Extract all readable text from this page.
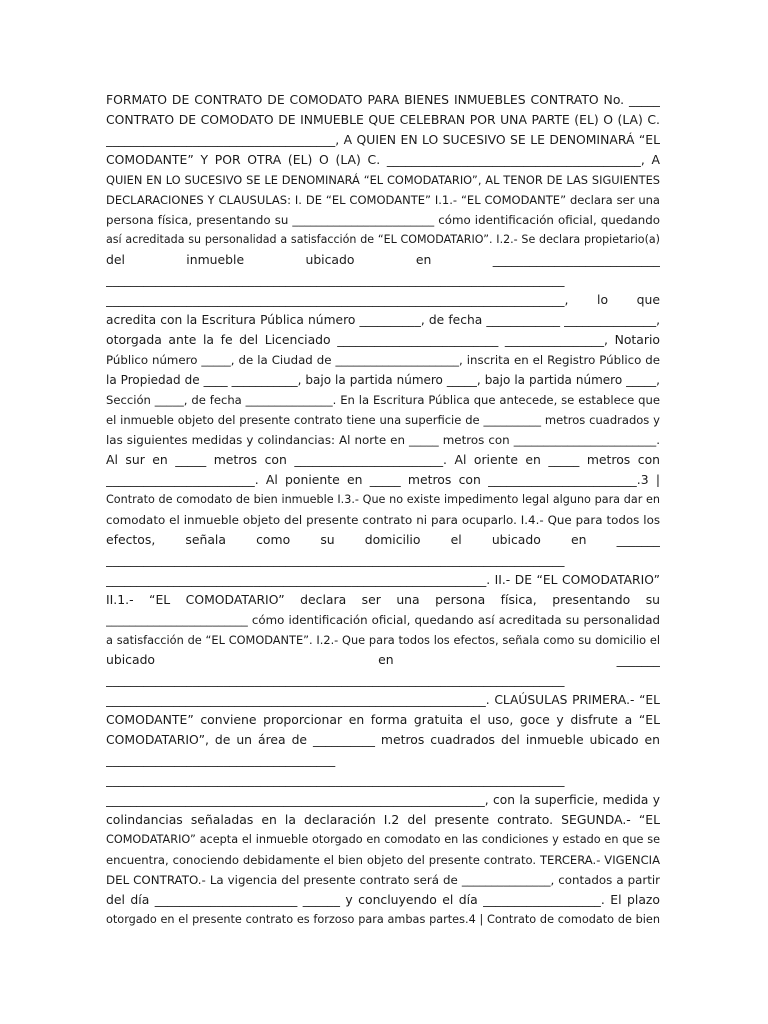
FORMATO DE CONTRATO DE COMODATO PARA BIENES INMUEBLES CONTRATO No. _____
CONTRATO DE COMODATO DE INMUEBLE QUE CELEBRAN POR UNA PARTE (EL) O (LA) C.
_____________________________________, A QUIEN EN LO SUCESIVO SE LE DENOMINARÁ “EL
COMODANTE” Y POR OTRA (EL) O (LA) C. _________________________________________, A
QUIEN EN LO SUCESIVO SE LE DENOMINARÁ “EL COMODATARIO”, AL TENOR DE LAS SIGUIENTES
DECLARACIONES Y CLAUSULAS: I. DE “EL COMODANTE” I.1.- “EL COMODANTE” declara ser una
persona física, presentando su ________________________ cómo identificación oficial, quedando
así acreditada su personalidad a satisfacción de “EL COMODATARIO”. I.2.- Se declara propietario(a)
del inmueble ubicado en ___________________________
__________________________________________________________________________
__________________________________________________________________________, lo que
acredita con la Escritura Pública número __________, de fecha ____________ _______________,
otorgada ante la fe del Licenciado __________________________ ________________, Notario
Público número _____, de la Ciudad de _____________________, inscrita en el Registro Público de
la Propiedad de ____ ___________, bajo la partida número _____, bajo la partida número _____,
Sección _____, de fecha _______________. En la Escritura Pública que antecede, se establece que
el inmueble objeto del presente contrato tiene una superficie de __________ metros cuadrados y
las siguientes medidas y colindancias: Al norte en _____ metros con ________________________.
Al sur en _____ metros con ________________________. Al oriente en _____ metros con
________________________. Al poniente en _____ metros con ________________________.3 |
Contrato de comodato de bien inmueble I.3.- Que no existe impedimento legal alguno para dar en
comodato el inmueble objeto del presente contrato ni para ocuparlo. I.4.- Que para todos los
efectos, señala como su domicilio el ubicado en _______
__________________________________________________________________________
______________________________________________________________. II.- DE “EL COMODATARIO”
II.1.- “EL COMODATARIO” declara ser una persona física, presentando su
________________________ cómo identificación oficial, quedando así acreditada su personalidad
a satisfacción de “EL COMODANTE”. I.2.- Que para todos los efectos, señala como su domicilio el
ubicado en _______
__________________________________________________________________________
______________________________________________________________. CLAÚSULAS PRIMERA.- “EL
COMODANTE” conviene proporcionar en forma gratuita el uso, goce y disfrute a “EL
COMODATARIO”, de un área de __________ metros cuadrados del inmueble ubicado en
_____________________________________
__________________________________________________________________________
______________________________________________________________, con la superficie, medida y
colindancias señaladas en la declaración I.2 del presente contrato. SEGUNDA.- “EL
COMODATARIO” acepta el inmueble otorgado en comodato en las condiciones y estado en que se
encuentra, conociendo debidamente el bien objeto del presente contrato. TERCERA.- VIGENCIA
DEL CONTRATO.- La vigencia del presente contrato será de _______________, contados a partir
del día _______________________ ______ y concluyendo el día ___________________. El plazo
otorgado en el presente contrato es forzoso para ambas partes.4 | Contrato de comodato de bien
